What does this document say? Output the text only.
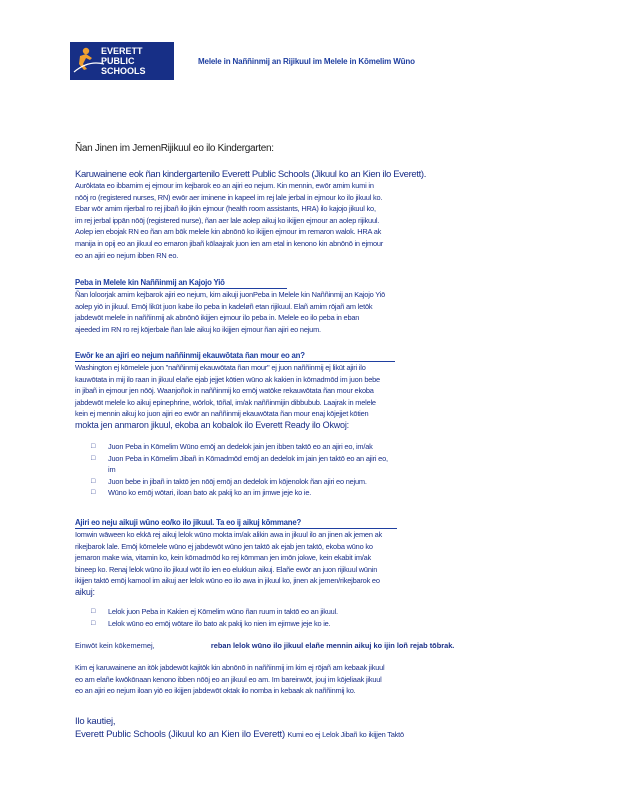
EVERETT
PUBLIC
SCHOOLS
Melele in Naññinmij an Rijikuul im Melele in Kōmelim Wūno
Ñan Jinen im JemenRijikuul eo ilo Kindergarten:
Karuwainene eok ñan kindergartenilo Everett Public Schools (Jikuul ko an Kien ilo Everett).
Aurōktata eo ibbamim ej ejmour im kejbarok eo an ajiri eo nejum. Kin mennin, ewōr amim kumi in
nōōj ro (registered nurses, RN) ewōr aer iminene in kapeel im rej lale jerbal in ejmour ko ilo jikuul ko.
Ebar wōr amim rijerbal ro rej jibañ ilo jikin ejmour (health room assistants, HRA) ilo kajojo jikuul ko,
im rej jerbal ippān nōōj (registered nurse), ñan aer lale aolep aikuj ko ikijjen ejmour an aolep rijikuul.
Aolep ien ebojak RN eo ñan am bōk melele kin abnōnō ko ikijjen ejmour im remaron walok. HRA ak
manija in opij eo an jikuul eo emaron jibañ kōlaajrak juon ien am etal in kenono kin abnōnō in ejmour
eo an ajiri eo nejum ibben RN eo.
Peba in Melele kin Naññinmij an Kajojo Yiō
Ñan loloorjak amim kejbarok ajiri eo nejum, kim aikuji juonPeba in Melele kin Naññinmij an Kajojo Yiō
aolep yiō in jikuul. Emōj likūt juon kabe ilo peba in kadeløñ etan rijikuul. Elañ amim rōjañ am letōk
jabdewōt melele in naññinmij ak abnōnō ikijjen ejmour ilo peba in. Melele eo ilo peba in eban
ajeeded im RN ro rej kōjerbale ñan lale aikuj ko ikijjen ejmour ñan ajiri eo nejum.
Ewōr ke an ajiri eo nejum naññinmij ekauwōtata ñan mour eo an?
Washington ej kōmelele juon "naññinmij ekauwōtata ñan mour" ej juon naññinmij ej likūt ajiri ilo
kauwōtata in mij ilo raan in jikuul elañe ejab jejjet kōtien wūno ak kakien in kōmadmōd im juon bebe
in jibañ in ejmour jen nōōj. Waanjoñok in naññinmij ko emōj watōke rekauwōtata ñan mour ekoba
jabdewōt melele ko aikuj epinephrine, wōrlok, tōñal, im/ak naññinmijin dibbubub. Laajrak in melele
kein ej mennin aikuj ko juon ajiri eo ewōr an naññinmij ekauwōtata ñan mour enaj kōjejjet kōtien
mokta jen anmaron jikuul, ekoba an kobalok ilo Everett Ready ilo Okwoj:
□	Juon Peba in Kōmelim Wūno emōj an dedelok jain jen ibben taktō eo an ajiri eo, im/ak
□	Juon Peba in Kōmelim Jibañ in Kōmadmōd emōj an dedelok im jain jen taktō eo an ajiri eo,
im
□	Juon bebe in jibañ in taktō jen nōōj emōj an dedelok im kōjenolok ñan ajiri eo nejum.
□	Wūno ko emōj wōtari, iloan bato ak pakij ko an im jimwe jeje ko ie.
Ajiri eo neju aikuji wūno eo/ko ilo jikuul. Ta eo ij aikuj kōmmane?
Iomwin wāween ko ekkā rej aikuj lelok wūno mokta im/ak alikin awa in jikuul ilo an jinen ak jemen ak
rikejbarok lale. Emōj kōmelele wūno ej jabdewōt wūno jen taktō ak ejab jen taktō, ekoba wūno ko
jemaron make wia, vitamin ko, kein kōmadmōd ko rej kōmman jen imōn jokwe, kein ekabit im/ak
bineep ko. Renaj lelok wūno ilo jikuul wōt ilo ien eo elukkun aikuj. Elañe ewōr an juon rijikuul wūnin
ikijjen taktō emōj kamool im aikuj aer lelok wūno eo ilo awa in jikuul ko, jinen ak jemen/rikejbarok eo
aikuj:
□	Lelok juon Peba in Kakien ej Kōmelim wūno ñan ruum in taktō eo an jikuul.
□	Lelok wūno eo emōj wōtare ilo bato ak pakij ko nien im ejimwe jeje ko ie.
Einwōt kein kōkememej,	reban lelok wūno ilo jikuul elañe mennin aikuj ko ijin loñ rejab tōbrak.
Kim ej karuwainene an itōk jabdewōt kajitōk kin abnōnō in naññinmij im kim ej rōjañ am kebaak jikuul
eo am elañe kwōkōnaan kenono ibben nōōj eo an jikuul eo am. Im bareinwōt, jouj im kōjeliaak jikuul
eo an ajiri eo nejum iloan yiō eo ikijjen jabdewōt oktak ilo nomba in kebaak ak naññinmij ko.
Ilo kautiej,
Everett Public Schools (Jikuul ko an Kien ilo Everett) Kumi eo ej Lelok Jibañ ko ikijjen Taktō
